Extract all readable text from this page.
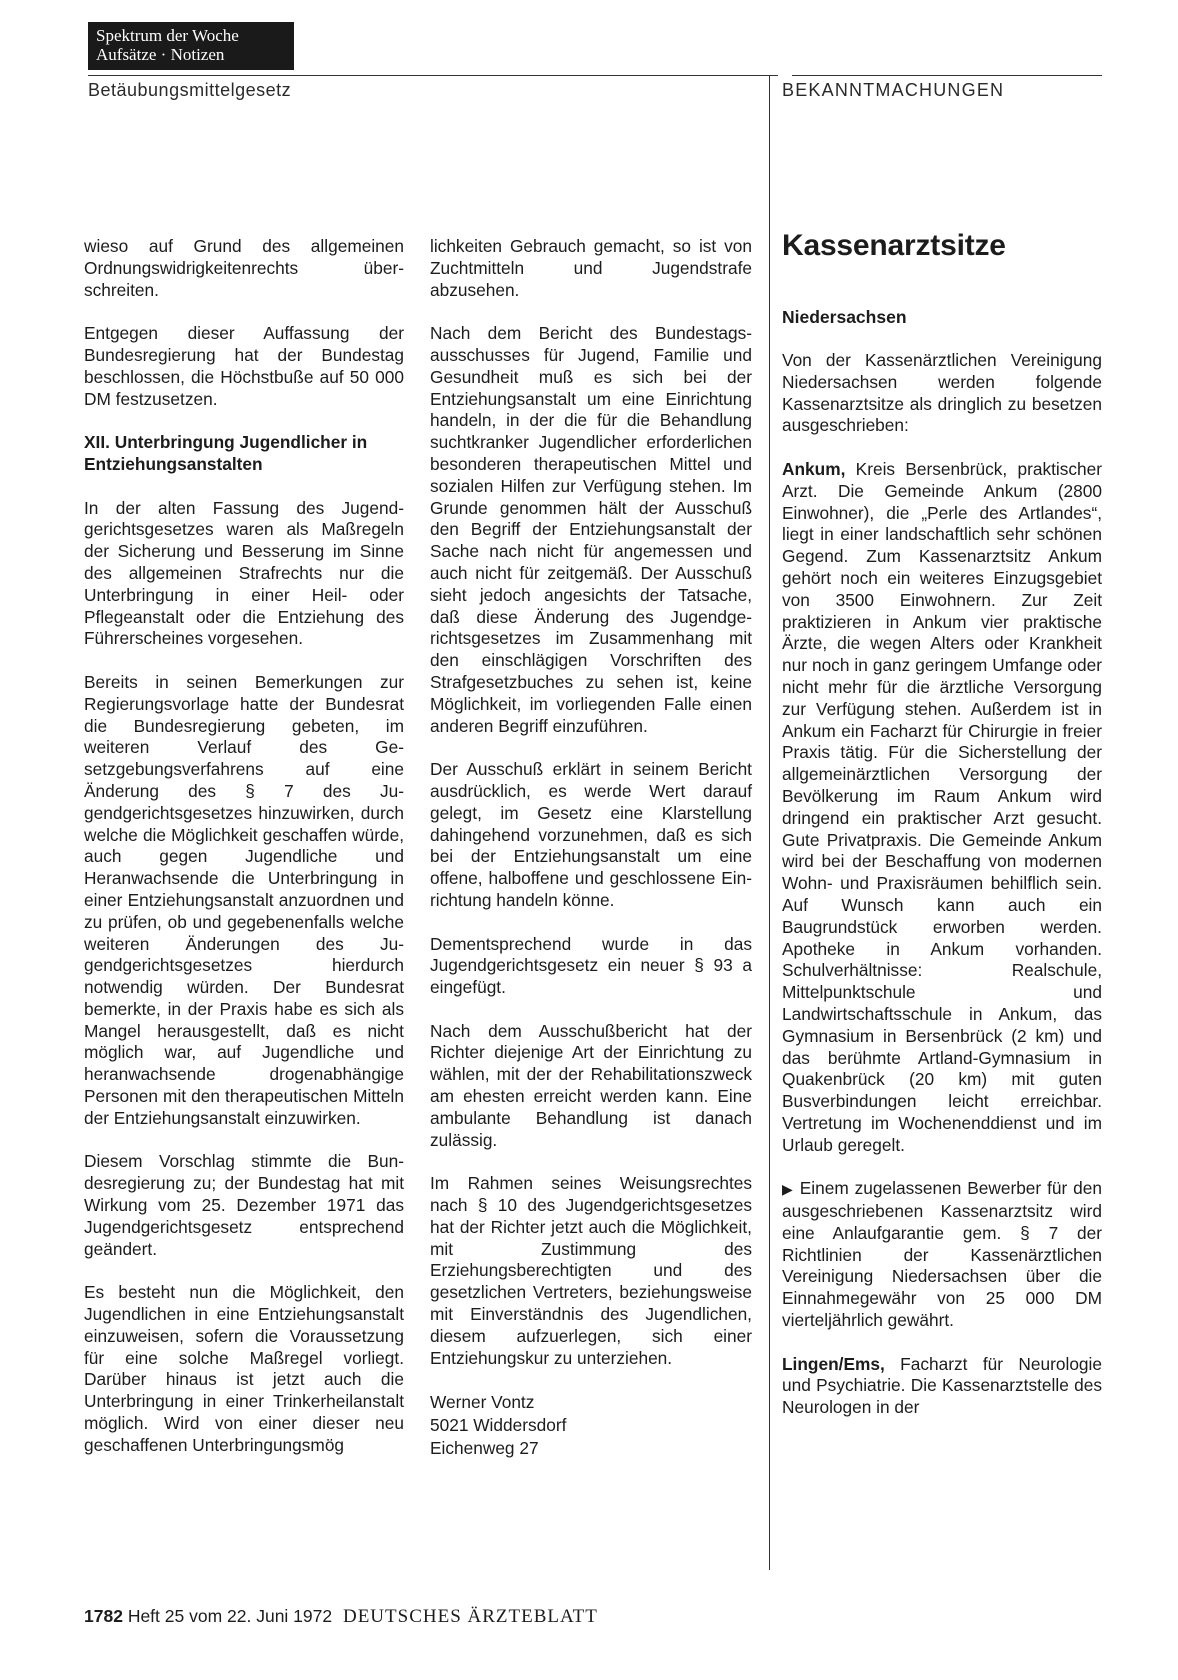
Spektrum der Woche
Aufsätze · Notizen
Betäubungsmittelgesetz	BEKANNTMACHUNGEN

wieso auf Grund des allgemeinen Ordnungswidrigkeitenrechts überschreiten.

Entgegen dieser Auffassung der Bundesregierung hat der Bundestag beschlossen, die Höchstbuße auf 50 000 DM festzusetzen.

XII. Unterbringung Jugendlicher in Entziehungsanstalten

In der alten Fassung des Jugendgerichtsgesetzes waren als Maßregeln der Sicherung und Besserung im Sinne des allgemeinen Strafrechts nur die Unterbringung in einer Heil- oder Pflegeanstalt oder die Entziehung des Führerscheines vorgesehen.

Bereits in seinen Bemerkungen zur Regierungsvorlage hatte der Bundesrat die Bundesregierung gebeten, im weiteren Verlauf des Gesetzgebungsverfahrens auf eine Änderung des § 7 des Jugendgerichtsgesetzes hinzuwirken, durch welche die Möglichkeit geschaffen würde, auch gegen Jugendliche und Heranwachsende die Unterbringung in einer Entziehungsanstalt anzuordnen und zu prüfen, ob und gegebenenfalls welche weiteren Änderungen des Jugendgerichtsgesetzes hierdurch notwendig würden. Der Bundesrat bemerkte, in der Praxis habe es sich als Mangel herausgestellt, daß es nicht möglich war, auf Jugendliche und heranwachsende drogenabhängige Personen mit den therapeutischen Mitteln der Entziehungsanstalt einzuwirken.

Diesem Vorschlag stimmte die Bundesregierung zu; der Bundestag hat mit Wirkung vom 25. Dezember 1971 das Jugendgerichtsgesetz entsprechend geändert.

Es besteht nun die Möglichkeit, den Jugendlichen in eine Entziehungsanstalt einzuweisen, sofern die Voraussetzung für eine solche Maßregel vorliegt. Darüber hinaus ist jetzt auch die Unterbringung in einer Trinkerheilanstalt möglich. Wird von einer dieser neu geschaffenen Unterbringungsmög

lichkeiten Gebrauch gemacht, so ist von Zuchtmitteln und Jugendstrafe abzusehen.

Nach dem Bericht des Bundestagsausschusses für Jugend, Familie und Gesundheit muß es sich bei der Entziehungsanstalt um eine Einrichtung handeln, in der die für die Behandlung suchtkranker Jugendlicher erforderlichen besonderen therapeutischen Mittel und sozialen Hilfen zur Verfügung stehen. Im Grunde genommen hält der Ausschuß den Begriff der Entziehungsanstalt der Sache nach nicht für angemessen und auch nicht für zeitgemäß. Der Ausschuß sieht jedoch angesichts der Tatsache, daß diese Änderung des Jugendgerichtsgesetzes im Zusammenhang mit den einschlägigen Vorschriften des Strafgesetzbuches zu sehen ist, keine Möglichkeit, im vorliegenden Falle einen anderen Begriff einzuführen.

Der Ausschuß erklärt in seinem Bericht ausdrücklich, es werde Wert darauf gelegt, im Gesetz eine Klarstellung dahingehend vorzunehmen, daß es sich bei der Entziehungsanstalt um eine offene, halboffene und geschlossene Einrichtung handeln könne.

Dementsprechend wurde in das Jugendgerichtsgesetz ein neuer § 93 a eingefügt.

Nach dem Ausschußbericht hat der Richter diejenige Art der Einrichtung zu wählen, mit der der Rehabilitationszweck am ehesten erreicht werden kann. Eine ambulante Behandlung ist danach zulässig.

Im Rahmen seines Weisungsrechtes nach § 10 des Jugendgerichtsgesetzes hat der Richter jetzt auch die Möglichkeit, mit Zustimmung des Erziehungsberechtigten und des gesetzlichen Vertreters, beziehungsweise mit Einverständnis des Jugendlichen, diesem aufzuerlegen, sich einer Entziehungskur zu unterziehen.

Werner Vontz
5021 Widdersdorf
Eichenweg 27

Kassenarztsitze
Niedersachsen

Von der Kassenärztlichen Vereinigung Niedersachsen werden folgende Kassenarztsitze als dringlich zu besetzen ausgeschrieben:

Ankum, Kreis Bersenbrück, praktischer Arzt. Die Gemeinde Ankum (2800 Einwohner), die „Perle des Artlandes“, liegt in einer landschaftlich sehr schönen Gegend. Zum Kassenarztsitz Ankum gehört noch ein weiteres Einzugsgebiet von 3500 Einwohnern. Zur Zeit praktizieren in Ankum vier praktische Ärzte, die wegen Alters oder Krankheit nur noch in ganz geringem Umfange oder nicht mehr für die ärztliche Versorgung zur Verfügung stehen. Außerdem ist in Ankum ein Facharzt für Chirurgie in freier Praxis tätig. Für die Sicherstellung der allgemeinärztlichen Versorgung der Bevölkerung im Raum Ankum wird dringend ein praktischer Arzt gesucht. Gute Privatpraxis. Die Gemeinde Ankum wird bei der Beschaffung von modernen Wohn- und Praxisräumen behilflich sein. Auf Wunsch kann auch ein Baugrundstück erworben werden. Apotheke in Ankum vorhanden. Schulverhältnisse: Realschule, Mittelpunktschule und Landwirtschaftsschule in Ankum, das Gymnasium in Bersenbrück (2 km) und das berühmte Artland-Gymnasium in Quakenbrück (20 km) mit guten Busverbindungen leicht erreichbar. Vertretung im Wochenenddienst und im Urlaub geregelt.

▶ Einem zugelassenen Bewerber für den ausgeschriebenen Kassenarztsitz wird eine Anlaufgarantie gem. § 7 der Richtlinien der Kassenärztlichen Vereinigung Niedersachsen über die Einnahmegewähr von 25 000 DM vierteljährlich gewährt.

Lingen/Ems, Facharzt für Neurologie und Psychiatrie. Die Kassenarztstelle des Neurologen in der

1782 Heft 25 vom 22. Juni 1972 DEUTSCHES ÄRZTEBLATT
